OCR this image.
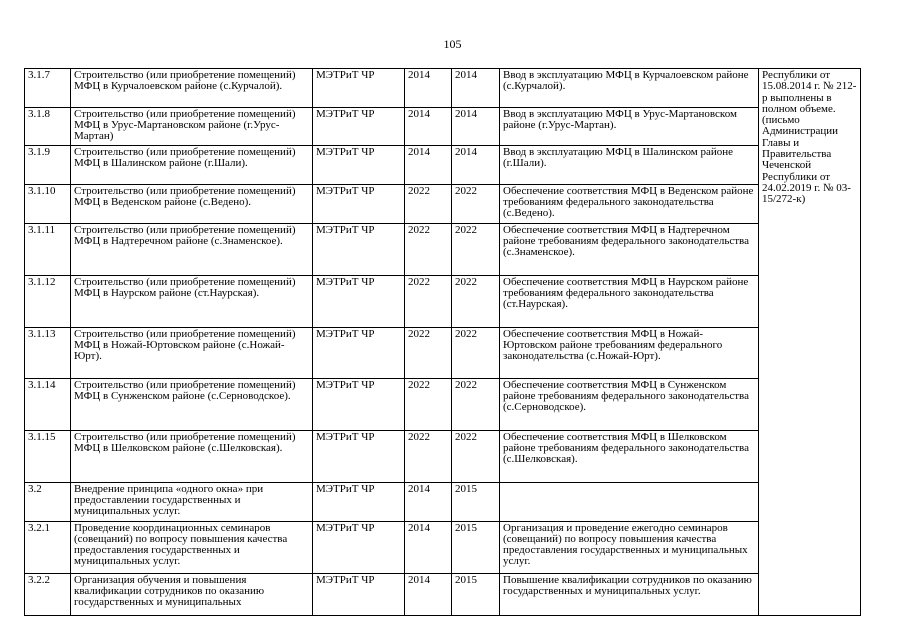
105
3.1.7	Строительство (или приобретение помещений) МФЦ в Курчалоевском районе (с.Курчалой).	МЭТРиТ ЧР	2014	2014	Ввод в эксплуатацию МФЦ в Курчалоевском районе (с.Курчалой).	Республики от 15.08.2014 г. № 212-р выполнены в полном объеме. (письмо Администрации Главы и Правительства Чеченской Республики от 24.02.2019 г. № 03-15/272-к)
3.1.8	Строительство (или приобретение помещений) МФЦ в Урус-Мартановском районе (г.Урус-Мартан)	МЭТРиТ ЧР	2014	2014	Ввод в эксплуатацию МФЦ в Урус-Мартановском районе (г.Урус-Мартан).	
3.1.9	Строительство (или приобретение помещений) МФЦ в Шалинском районе (г.Шали).	МЭТРиТ ЧР	2014	2014	Ввод в эксплуатацию МФЦ в Шалинском районе (г.Шали).	
3.1.10	Строительство (или приобретение помещений) МФЦ в Веденском районе (с.Ведено).	МЭТРиТ ЧР	2022	2022	Обеспечение соответствия МФЦ в Веденском районе требованиям федерального законодательства (с.Ведено).	
3.1.11	Строительство (или приобретение помещений) МФЦ в Надтеречном районе (с.Знаменское).	МЭТРиТ ЧР	2022	2022	Обеспечение соответствия МФЦ в Надтеречном районе требованиям федерального законодательства (с.Знаменское).	
3.1.12	Строительство (или приобретение помещений) МФЦ в Наурском районе (ст.Наурская).	МЭТРиТ ЧР	2022	2022	Обеспечение соответствия МФЦ в Наурском районе требованиям федерального законодательства (ст.Наурская).	
3.1.13	Строительство (или приобретение помещений) МФЦ в Ножай-Юртовском районе (с.Ножай-Юрт).	МЭТРиТ ЧР	2022	2022	Обеспечение соответствия МФЦ в Ножай-Юртовском районе требованиям федерального законодательства (с.Ножай-Юрт).	
3.1.14	Строительство (или приобретение помещений) МФЦ в Сунженском районе (с.Серноводское).	МЭТРиТ ЧР	2022	2022	Обеспечение соответствия МФЦ в Сунженском районе требованиям федерального законодательства (с.Серноводское).	
3.1.15	Строительство (или приобретение помещений) МФЦ в Шелковском районе (с.Шелковская).	МЭТРиТ ЧР	2022	2022	Обеспечение соответствия МФЦ в Шелковском районе требованиям федерального законодательства (с.Шелковская).	
3.2	Внедрение принципа «одного окна» при предоставлении государственных и муниципальных услуг.	МЭТРиТ ЧР	2014	2015		
3.2.1	Проведение координационных семинаров (совещаний) по вопросу повышения качества предоставления государственных и муниципальных услуг.	МЭТРиТ ЧР	2014	2015	Организация и проведение ежегодно семинаров (совещаний) по вопросу повышения качества предоставления государственных и муниципальных услуг.	
3.2.2	Организация обучения и повышения квалификации сотрудников по оказанию государственных и муниципальных	МЭТРиТ ЧР	2014	2015	Повышение квалификации сотрудников по оказанию государственных и муниципальных услуг.	
